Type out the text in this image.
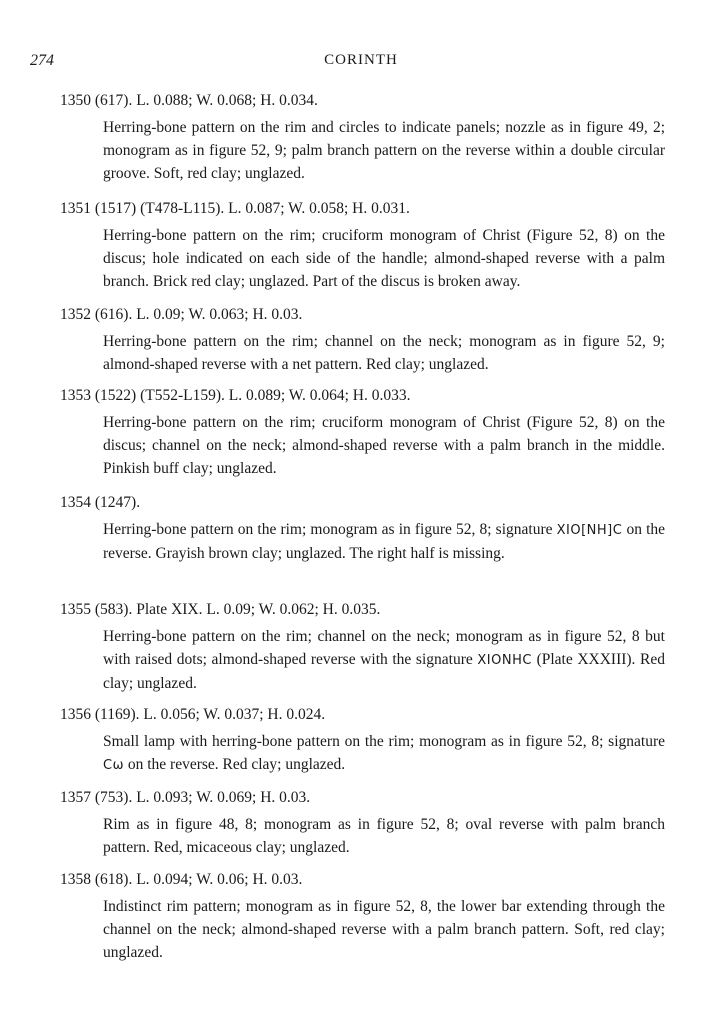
274	CORINTH
1350 (617). L. 0.088; W. 0.068; H. 0.034.
Herring-bone pattern on the rim and circles to indicate panels; nozzle as in figure 49, 2; monogram as in figure 52, 9; palm branch pattern on the reverse within a double circular groove. Soft, red clay; unglazed.
1351 (1517) (T478-L115). L. 0.087; W. 0.058; H. 0.031.
Herring-bone pattern on the rim; cruciform monogram of Christ (Figure 52, 8) on the discus; hole indicated on each side of the handle; almond-shaped reverse with a palm branch. Brick red clay; unglazed. Part of the discus is broken away.
1352 (616). L. 0.09; W. 0.063; H. 0.03.
Herring-bone pattern on the rim; channel on the neck; monogram as in figure 52, 9; almond-shaped reverse with a net pattern. Red clay; unglazed.
1353 (1522) (T552-L159). L. 0.089; W. 0.064; H. 0.033.
Herring-bone pattern on the rim; cruciform monogram of Christ (Figure 52, 8) on the discus; channel on the neck; almond-shaped reverse with a palm branch in the middle. Pinkish buff clay; unglazed.
1354 (1247).
Herring-bone pattern on the rim; monogram as in figure 52, 8; signature XIO[NH]C on the reverse. Grayish brown clay; unglazed. The right half is missing.
1355 (583). Plate XIX. L. 0.09; W. 0.062; H. 0.035.
Herring-bone pattern on the rim; channel on the neck; monogram as in figure 52, 8 but with raised dots; almond-shaped reverse with the signature XIONHC (Plate XXXIII). Red clay; unglazed.
1356 (1169). L. 0.056; W. 0.037; H. 0.024.
Small lamp with herring-bone pattern on the rim; monogram as in figure 52, 8; signature Cω on the reverse. Red clay; unglazed.
1357 (753). L. 0.093; W. 0.069; H. 0.03.
Rim as in figure 48, 8; monogram as in figure 52, 8; oval reverse with palm branch pattern. Red, micaceous clay; unglazed.
1358 (618). L. 0.094; W. 0.06; H. 0.03.
Indistinct rim pattern; monogram as in figure 52, 8, the lower bar extending through the channel on the neck; almond-shaped reverse with a palm branch pattern. Soft, red clay; unglazed.
